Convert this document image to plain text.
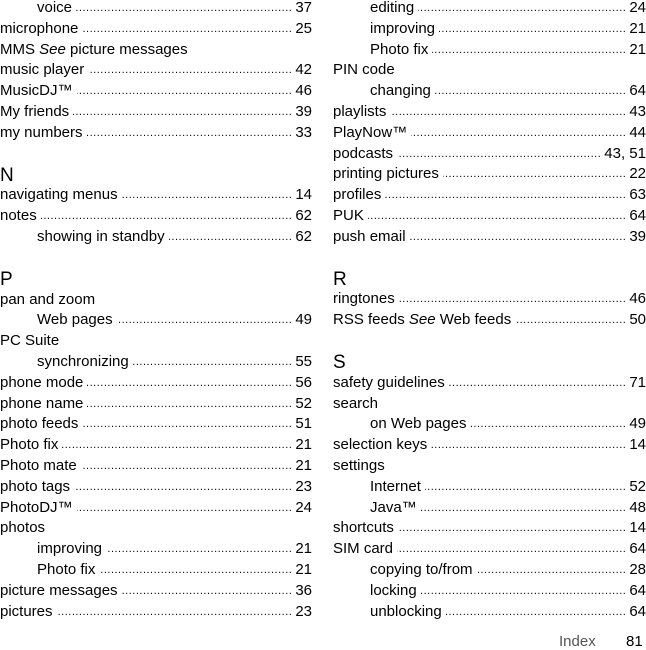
voice .....	37
microphone .....	25
MMS See picture messages
music player .....	42
MusicDJ™ .....	46
My friends .....	39
my numbers .....	33
N
navigating menus .....	14
notes .....	62
showing in standby .....	62
P
pan and zoom
Web pages .....	49
PC Suite
synchronizing .....	55
phone mode .....	56
phone name .....	52
photo feeds .....	51
Photo fix .....	21
Photo mate .....	21
photo tags .....	23
PhotoDJ™ .....	24
photos
improving .....	21
Photo fix .....	21
picture messages .....	36
pictures .....	23
editing .....	24
improving .....	21
Photo fix .....	21
PIN code
changing .....	64
playlists .....	43
PlayNow™ .....	44
podcasts .....	43, 51
printing pictures .....	22
profiles .....	63
PUK .....	64
push email .....	39
R
ringtones .....	46
RSS feeds See Web feeds .....	50
S
safety guidelines .....	71
search
on Web pages .....	49
selection keys .....	14
settings
Internet .....	52
Java™ .....	48
shortcuts .....	14
SIM card .....	64
copying to/from .....	28
locking .....	64
unblocking .....	64
Index 81
